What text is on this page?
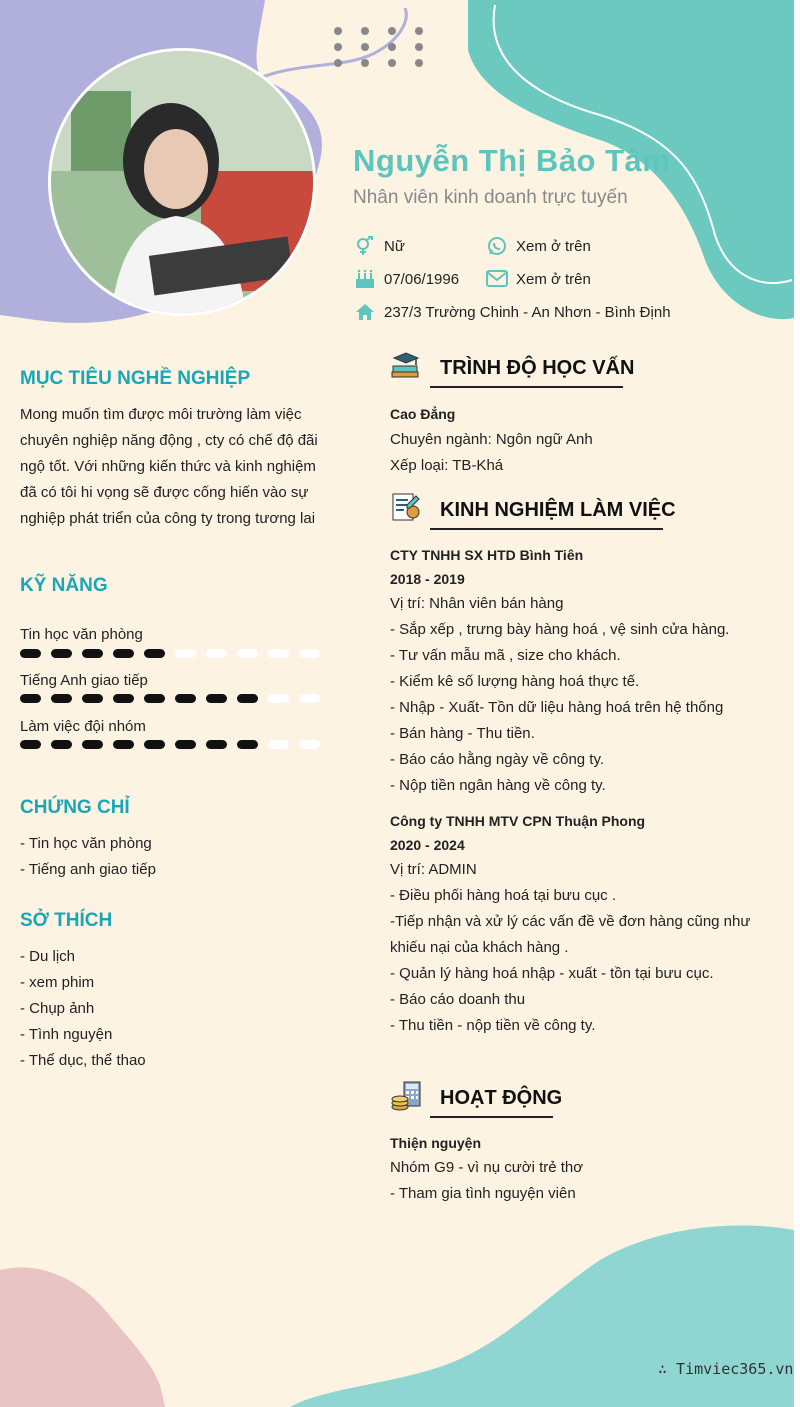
Nguyễn Thị Bảo Tâm
Nhân viên kinh doanh trực tuyến
Nữ
07/06/1996
237/3 Trường Chinh - An Nhơn - Bình Định
Xem ở trên
Xem ở trên
MỤC TIÊU NGHỀ NGHIỆP
Mong muốn tìm được môi trường làm việc
chuyên nghiệp năng động , cty có chế độ đãi
ngộ tốt. Với những kiến thức và kinh nghiệm
đã có tôi hi vọng sẽ được cống hiến vào sự
nghiệp phát triển của công ty trong tương lai
KỸ NĂNG
Tin học văn phòng
Tiếng Anh giao tiếp
Làm việc đội nhóm
CHỨNG CHỈ
- Tin học văn phòng
- Tiếng anh giao tiếp
SỞ THÍCH
- Du lịch
- xem phim
- Chụp ảnh
- Tình nguyện
- Thể dục, thể thao
TRÌNH ĐỘ HỌC VẤN
Cao Đẳng
Chuyên ngành: Ngôn ngữ Anh
Xếp loại: TB-Khá
KINH NGHIỆM LÀM VIỆC
CTY TNHH SX HTD Bình Tiên
2018 - 2019
Vị trí: Nhân viên bán hàng
- Sắp xếp , trưng bày hàng hoá , vệ sinh cửa hàng.
- Tư vấn mẫu mã , size cho khách.
- Kiểm kê số lượng hàng hoá thực tế.
- Nhập - Xuất- Tồn dữ liệu hàng hoá trên hệ thống
- Bán hàng - Thu tiền.
- Báo cáo hằng ngày về công ty.
- Nộp tiền ngân hàng về công ty.
Công ty TNHH MTV CPN Thuận Phong
2020 - 2024
Vị trí: ADMIN
- Điều phối hàng hoá tại bưu cục .
-Tiếp nhận và xử lý các vấn đề về đơn hàng cũng như
khiếu nại của khách hàng .
- Quản lý hàng hoá nhập - xuất - tồn tại bưu cục.
- Báo cáo doanh thu
- Thu tiền - nộp tiền về công ty.
HOẠT ĐỘNG
Thiện nguyện
Nhóm G9 - vì nụ cười trẻ thơ
- Tham gia tình nguyện viên
∴ Timviec365.vn
